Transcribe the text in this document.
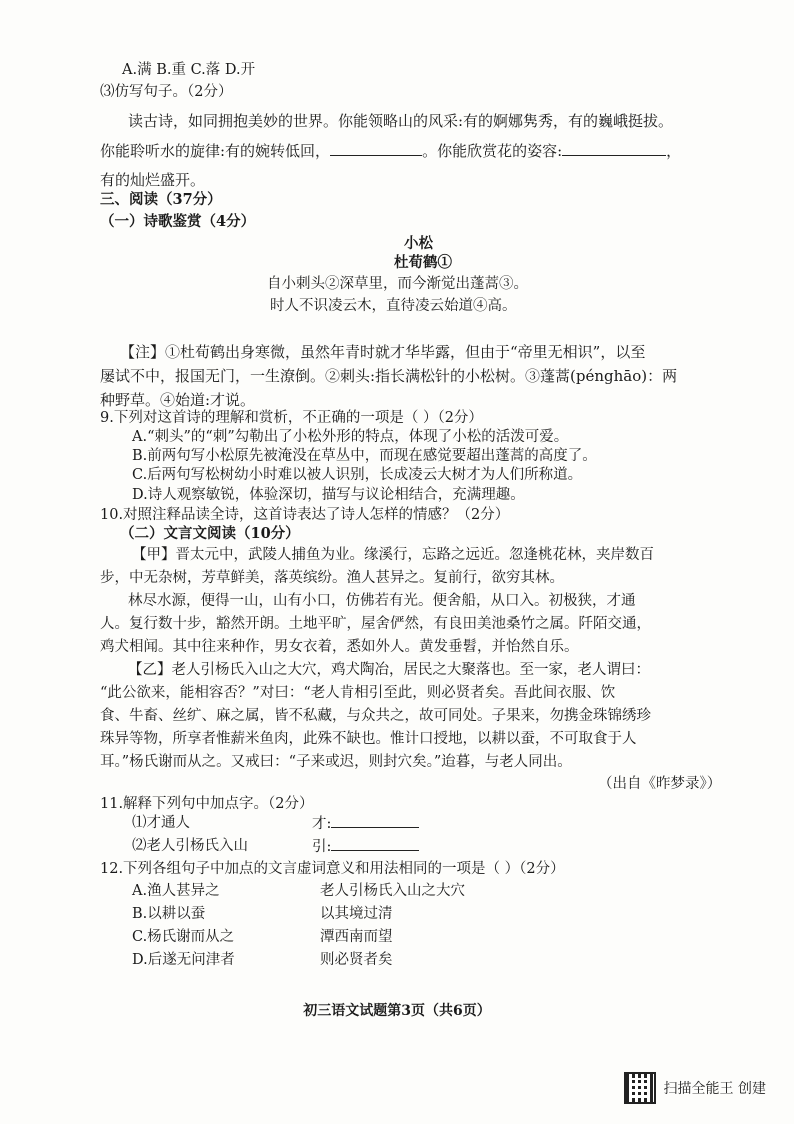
A.满 B.重 C.落 D.开
⑶仿写句子。（2分）
读古诗，如同拥抱美妙的世界。你能领略山的风采:有的婀娜隽秀，有的巍峨挺拔。
你能聆听水的旋律:有的婉转低回，	。你能欣赏花的姿容:	，
有的灿烂盛开。
三、阅读（37分）
（一）诗歌鉴赏（4分）
小松
杜荀鹤①
自小刺头②深草里，而今渐觉出蓬蒿③。
时人不识凌云木，直待凌云始道④高。
【注】①杜荀鹤出身寒微，虽然年青时就才华毕露，但由于“帝里无相识”，以至
屡试不中，报国无门，一生潦倒。②刺头:指长满松针的小松树。③蓬蒿(pénghāo)：两
种野草。④始道:才说。
9.下列对这首诗的理解和赏析，不正确的一项是（ ）（2分）
A.“刺头”的“刺”勾勒出了小松外形的特点，体现了小松的活泼可爱。
B.前两句写小松原先被淹没在草丛中，而现在感觉要超出蓬蒿的高度了。
C.后两句写松树幼小时难以被人识别，长成凌云大树才为人们所称道。
D.诗人观察敏锐，体验深切，描写与议论相结合，充满理趣。
10.对照注释品读全诗，这首诗表达了诗人怎样的情感？（2分）
（二）文言文阅读（10分）
【甲】晋太元中，武陵人捕鱼为业。缘溪行，忘路之远近。忽逢桃花林，夹岸数百
步，中无杂树，芳草鲜美，落英缤纷。渔人甚异之。复前行，欲穷其林。
林尽水源，便得一山，山有小口，仿佛若有光。便舍船，从口入。初极狭，才通
人。复行数十步，豁然开朗。土地平旷，屋舍俨然，有良田美池桑竹之属。阡陌交通，
鸡犬相闻。其中往来种作，男女衣着，悉如外人。黄发垂髫，并怡然自乐。
【乙】老人引杨氏入山之大穴，鸡犬陶冶，居民之大聚落也。至一家，老人谓曰：
“此公欲来，能相容否？”对曰：“老人肯相引至此，则必贤者矣。吾此间衣服、饮
食、牛畜、丝纩、麻之属，皆不私藏，与众共之，故可同处。子果来，勿携金珠锦绣珍
珠异等物，所享者惟薪米鱼肉，此殊不缺也。惟计口授地，以耕以蚕，不可取食于人
耳。”杨氏谢而从之。又戒曰：“子来或迟，则封穴矣。”迨暮，与老人同出。
（出自《昨梦录》）
11.解释下列句中加点字。（2分）
⑴才通人	才:
⑵老人引杨氏入山	引:
12.下列各组句子中加点的文言虚词意义和用法相同的一项是（ ）（2分）
A.渔人甚异之	老人引杨氏入山之大穴
B.以耕以蚕	以其境过清
C.杨氏谢而从之	潭西南而望
D.后遂无问津者	则必贤者矣
初三语文试题第3页（共6页）
扫描全能王 创建
